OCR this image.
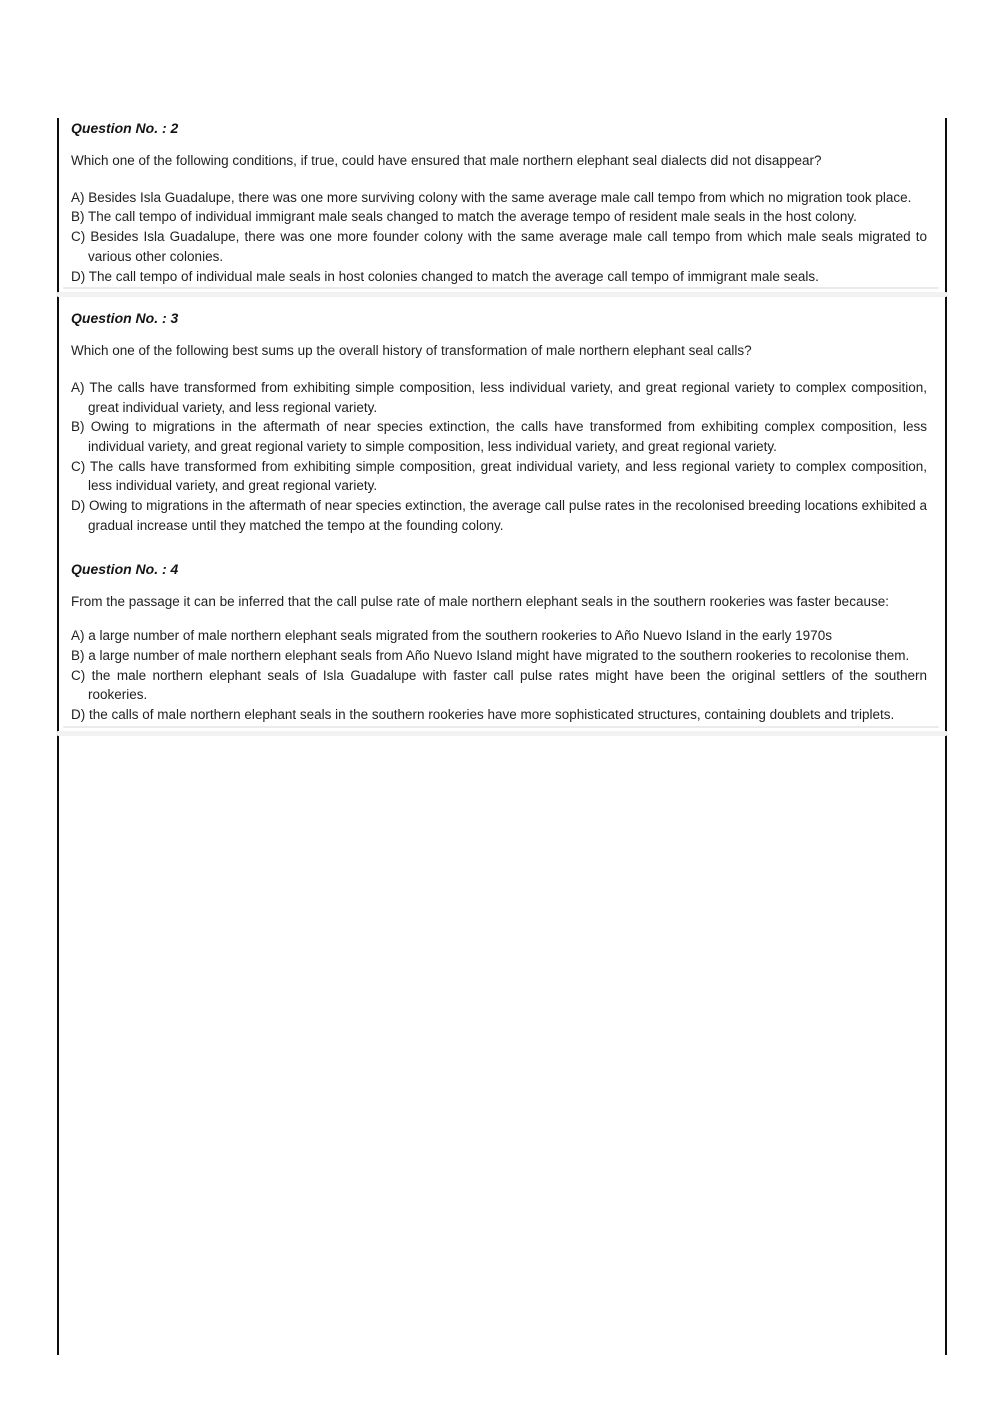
Question No. : 2

Which one of the following conditions, if true, could have ensured that male northern elephant seal dialects did not disappear?

A) Besides Isla Guadalupe, there was one more surviving colony with the same average male call tempo from which no migration took place.

B) The call tempo of individual immigrant male seals changed to match the average tempo of resident male seals in the host colony.

C) Besides Isla Guadalupe, there was one more founder colony with the same average male call tempo from which male seals migrated to various other colonies.

D) The call tempo of individual male seals in host colonies changed to match the average call tempo of immigrant male seals.

Question No. : 3

Which one of the following best sums up the overall history of transformation of male northern elephant seal calls?

A) The calls have transformed from exhibiting simple composition, less individual variety, and great regional variety to complex composition, great individual variety, and less regional variety.

B) Owing to migrations in the aftermath of near species extinction, the calls have transformed from exhibiting complex composition, less individual variety, and great regional variety to simple composition, less individual variety, and great regional variety.

C) The calls have transformed from exhibiting simple composition, great individual variety, and less regional variety to complex composition, less individual variety, and great regional variety.

D) Owing to migrations in the aftermath of near species extinction, the average call pulse rates in the recolonised breeding locations exhibited a gradual increase until they matched the tempo at the founding colony.

Question No. : 4

From the passage it can be inferred that the call pulse rate of male northern elephant seals in the southern rookeries was faster because:

A) a large number of male northern elephant seals migrated from the southern rookeries to Año Nuevo Island in the early 1970s

B) a large number of male northern elephant seals from Año Nuevo Island might have migrated to the southern rookeries to recolonise them.

C) the male northern elephant seals of Isla Guadalupe with faster call pulse rates might have been the original settlers of the southern rookeries.

D) the calls of male northern elephant seals in the southern rookeries have more sophisticated structures, containing doublets and triplets.
